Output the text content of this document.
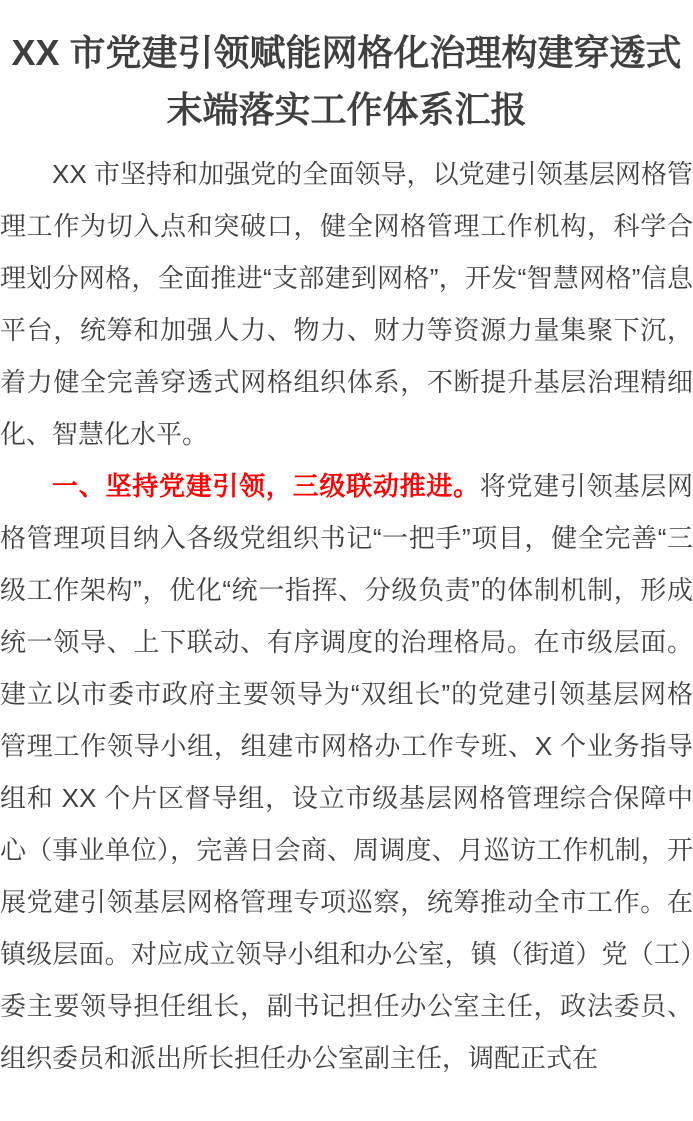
XX 市党建引领赋能网格化治理构建穿透式末端落实工作体系汇报

XX 市坚持和加强党的全面领导，以党建引领基层网格管理工作为切入点和突破口，健全网格管理工作机构，科学合理划分网格，全面推进“支部建到网格”，开发“智慧网格”信息平台，统筹和加强人力、物力、财力等资源力量集聚下沉，着力健全完善穿透式网格组织体系，不断提升基层治理精细化、智慧化水平。

一、坚持党建引领，三级联动推进。将党建引领基层网格管理项目纳入各级党组织书记“一把手”项目，健全完善“三级工作架构”，优化“统一指挥、分级负责”的体制机制，形成统一领导、上下联动、有序调度的治理格局。在市级层面。建立以市委市政府主要领导为“双组长”的党建引领基层网格管理工作领导小组，组建市网格办工作专班、X 个业务指导组和 XX 个片区督导组，设立市级基层网格管理综合保障中心（事业单位），完善日会商、周调度、月巡访工作机制，开展党建引领基层网格管理专项巡察，统筹推动全市工作。在镇级层面。对应成立领导小组和办公室，镇（街道）党（工）委主要领导担任组长，副书记担任办公室主任，政法委员、组织委员和派出所长担任办公室副主任，调配正式在
